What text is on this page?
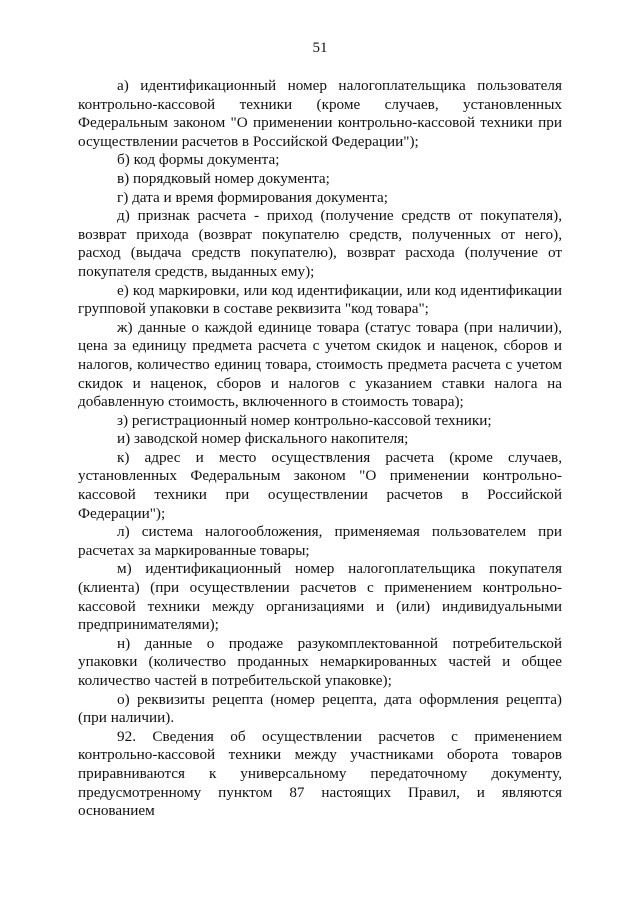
51

а) идентификационный номер налогоплательщика пользователя контрольно-кассовой техники (кроме случаев, установленных Федеральным законом "О применении контрольно-кассовой техники при осуществлении расчетов в Российской Федерации");

б) код формы документа;

в) порядковый номер документа;

г) дата и время формирования документа;

д) признак расчета - приход (получение средств от покупателя), возврат прихода (возврат покупателю средств, полученных от него), расход (выдача средств покупателю), возврат расхода (получение от покупателя средств, выданных ему);

е) код маркировки, или код идентификации, или код идентификации групповой упаковки в составе реквизита "код товара";

ж) данные о каждой единице товара (статус товара (при наличии), цена за единицу предмета расчета с учетом скидок и наценок, сборов и налогов, количество единиц товара, стоимость предмета расчета с учетом скидок и наценок, сборов и налогов с указанием ставки налога на добавленную стоимость, включенного в стоимость товара);

з) регистрационный номер контрольно-кассовой техники;

и) заводской номер фискального накопителя;

к) адрес и место осуществления расчета (кроме случаев, установленных Федеральным законом "О применении контрольно-кассовой техники при осуществлении расчетов в Российской Федерации");

л) система налогообложения, применяемая пользователем при расчетах за маркированные товары;

м) идентификационный номер налогоплательщика покупателя (клиента) (при осуществлении расчетов с применением контрольно-кассовой техники между организациями и (или) индивидуальными предпринимателями);

н) данные о продаже разукомплектованной потребительской упаковки (количество проданных немаркированных частей и общее количество частей в потребительской упаковке);

о) реквизиты рецепта (номер рецепта, дата оформления рецепта) (при наличии).

92. Сведения об осуществлении расчетов с применением контрольно-кассовой техники между участниками оборота товаров приравниваются к универсальному передаточному документу, предусмотренному пунктом 87 настоящих Правил, и являются основанием
